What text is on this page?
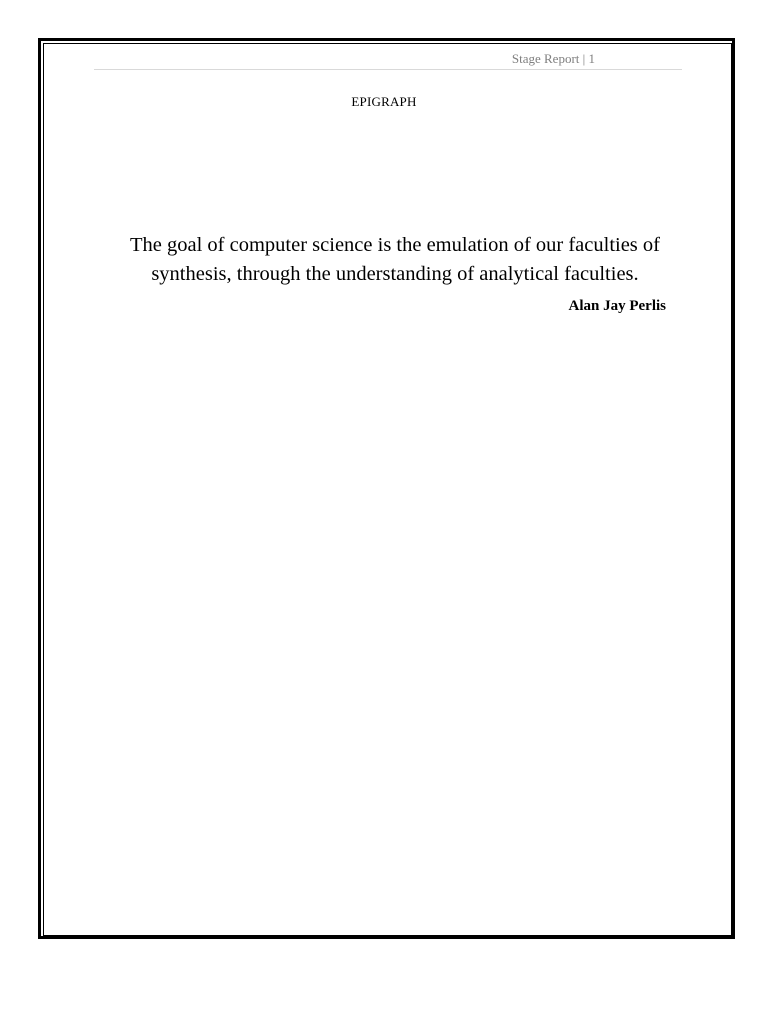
Stage Report | 1
EPIGRAPH
The goal of computer science is the emulation of our faculties of
synthesis, through the understanding of analytical faculties.
Alan Jay Perlis
